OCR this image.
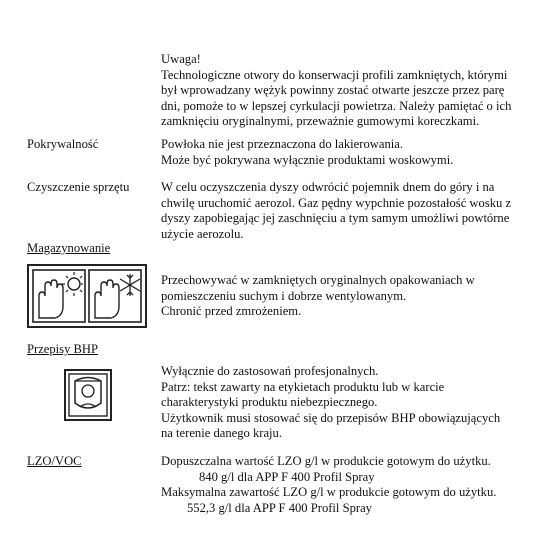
Uwaga!
Technologiczne otwory do konserwacji profili zamkniętych, którymi
był wprowadzany wężyk powinny zostać otwarte jeszcze przez parę
dni, pomoże to w lepszej cyrkulacji powietrza. Należy pamiętać o ich
zamknięciu oryginalnymi, przeważnie gumowymi koreczkami.
Pokrywalność	Powłoka nie jest przeznaczona do lakierowania.
Może być pokrywana wyłącznie produktami woskowymi.
Czyszczenie sprzętu	W celu oczyszczenia dyszy odwrócić pojemnik dnem do góry i na
chwilę uruchomić aerozol. Gaz pędny wypchnie pozostałość wosku z
dyszy zapobiegając jej zaschnięciu a tym samym umożliwi powtórne
użycie aerozolu.
Magazynowanie
Przechowywać w zamkniętych oryginalnych opakowaniach w
pomieszczeniu suchym i dobrze wentylowanym.
Chronić przed zmrożeniem.
Przepisy BHP
Wyłącznie do zastosowań profesjonalnych.
Patrz: tekst zawarty na etykietach produktu lub w karcie
charakterystyki produktu niebezpiecznego.
Użytkownik musi stosować się do przepisów BHP obowiązujących
na terenie danego kraju.
LZO/VOC	Dopuszczalna wartość LZO g/l w produkcie gotowym do użytku.
840 g/l dla APP F 400 Profil Spray
Maksymalna zawartość LZO g/l w produkcie gotowym do użytku.
552,3 g/l dla APP F 400 Profil Spray
